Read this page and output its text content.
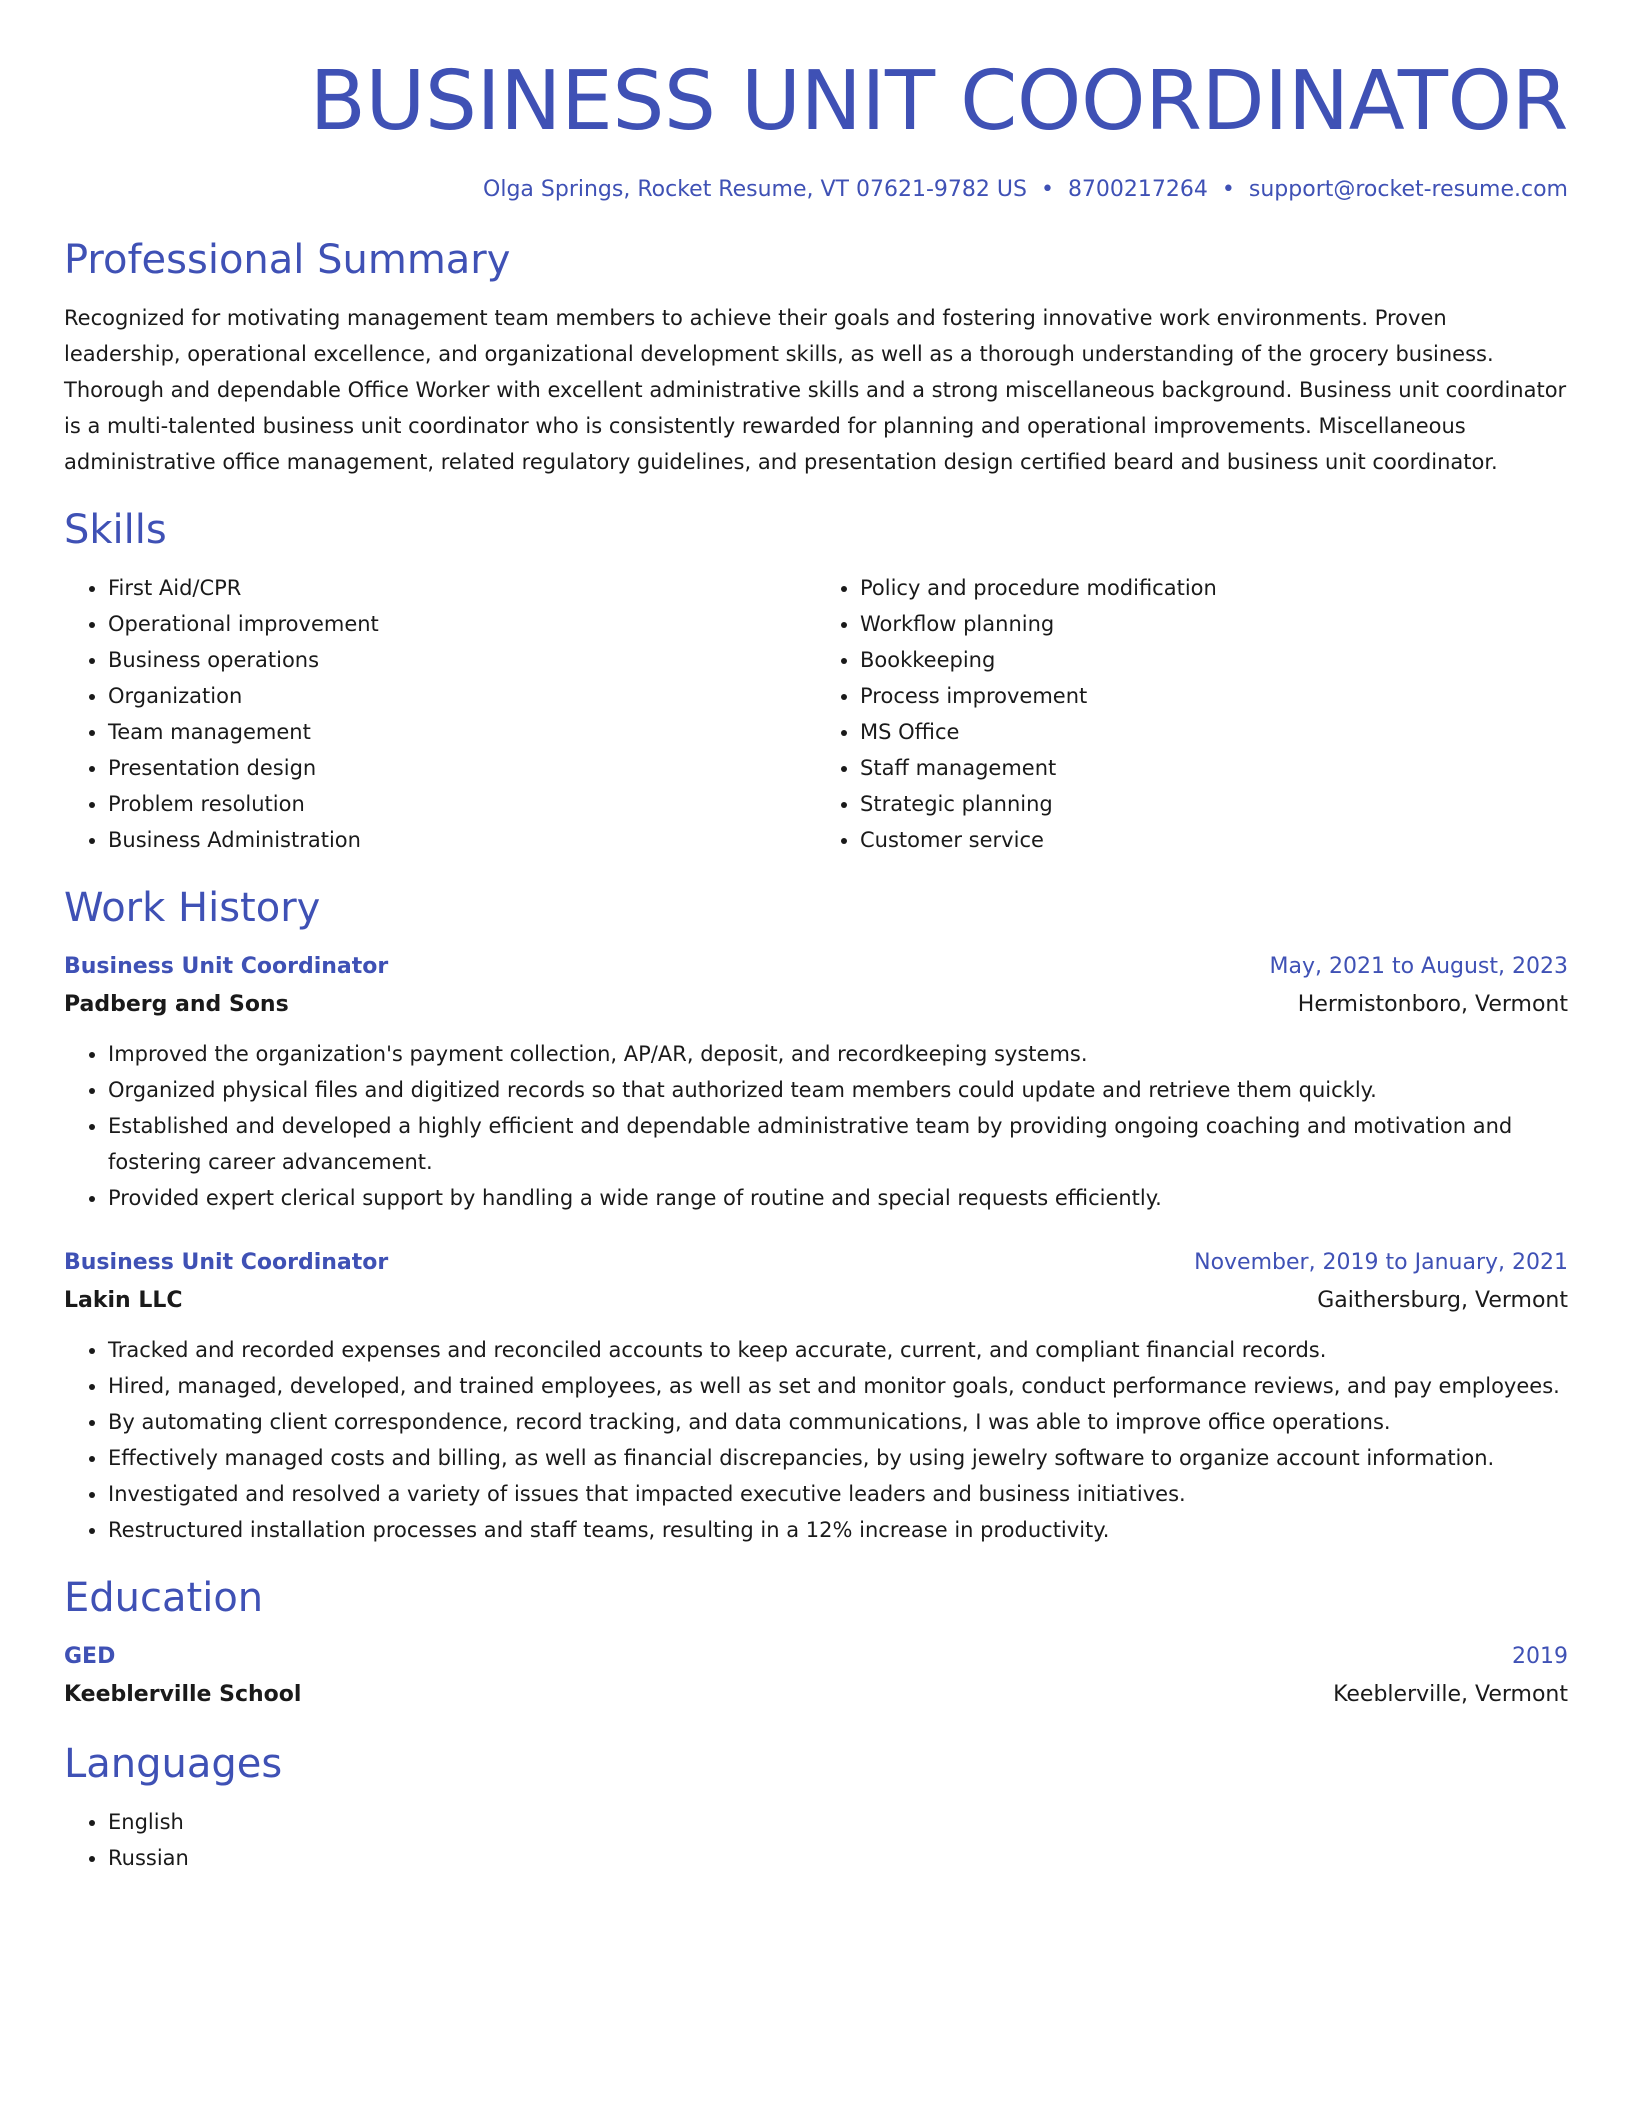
BUSINESS UNIT COORDINATOR
Olga Springs, Rocket Resume, VT 07621-9782 US • 8700217264 • support@rocket-resume.com
Professional Summary
Recognized for motivating management team members to achieve their goals and fostering innovative work environments. Proven leadership, operational excellence, and organizational development skills, as well as a thorough understanding of the grocery business. Thorough and dependable Office Worker with excellent administrative skills and a strong miscellaneous background. Business unit coordinator is a multi-talented business unit coordinator who is consistently rewarded for planning and operational improvements. Miscellaneous administrative office management, related regulatory guidelines, and presentation design certified beard and business unit coordinator.
Skills
• First Aid/CPR
• Operational improvement
• Business operations
• Organization
• Team management
• Presentation design
• Problem resolution
• Business Administration
• Policy and procedure modification
• Workflow planning
• Bookkeeping
• Process improvement
• MS Office
• Staff management
• Strategic planning
• Customer service
Work History
Business Unit Coordinator	May, 2021 to August, 2023
Padberg and Sons	Hermistonboro, Vermont
• Improved the organization's payment collection, AP/AR, deposit, and recordkeeping systems.
• Organized physical files and digitized records so that authorized team members could update and retrieve them quickly.
• Established and developed a highly efficient and dependable administrative team by providing ongoing coaching and motivation and fostering career advancement.
• Provided expert clerical support by handling a wide range of routine and special requests efficiently.
Business Unit Coordinator	November, 2019 to January, 2021
Lakin LLC	Gaithersburg, Vermont
• Tracked and recorded expenses and reconciled accounts to keep accurate, current, and compliant financial records.
• Hired, managed, developed, and trained employees, as well as set and monitor goals, conduct performance reviews, and pay employees.
• By automating client correspondence, record tracking, and data communications, I was able to improve office operations.
• Effectively managed costs and billing, as well as financial discrepancies, by using jewelry software to organize account information.
• Investigated and resolved a variety of issues that impacted executive leaders and business initiatives.
• Restructured installation processes and staff teams, resulting in a 12% increase in productivity.
Education
GED	2019
Keeblerville School	Keeblerville, Vermont
Languages
• English
• Russian
